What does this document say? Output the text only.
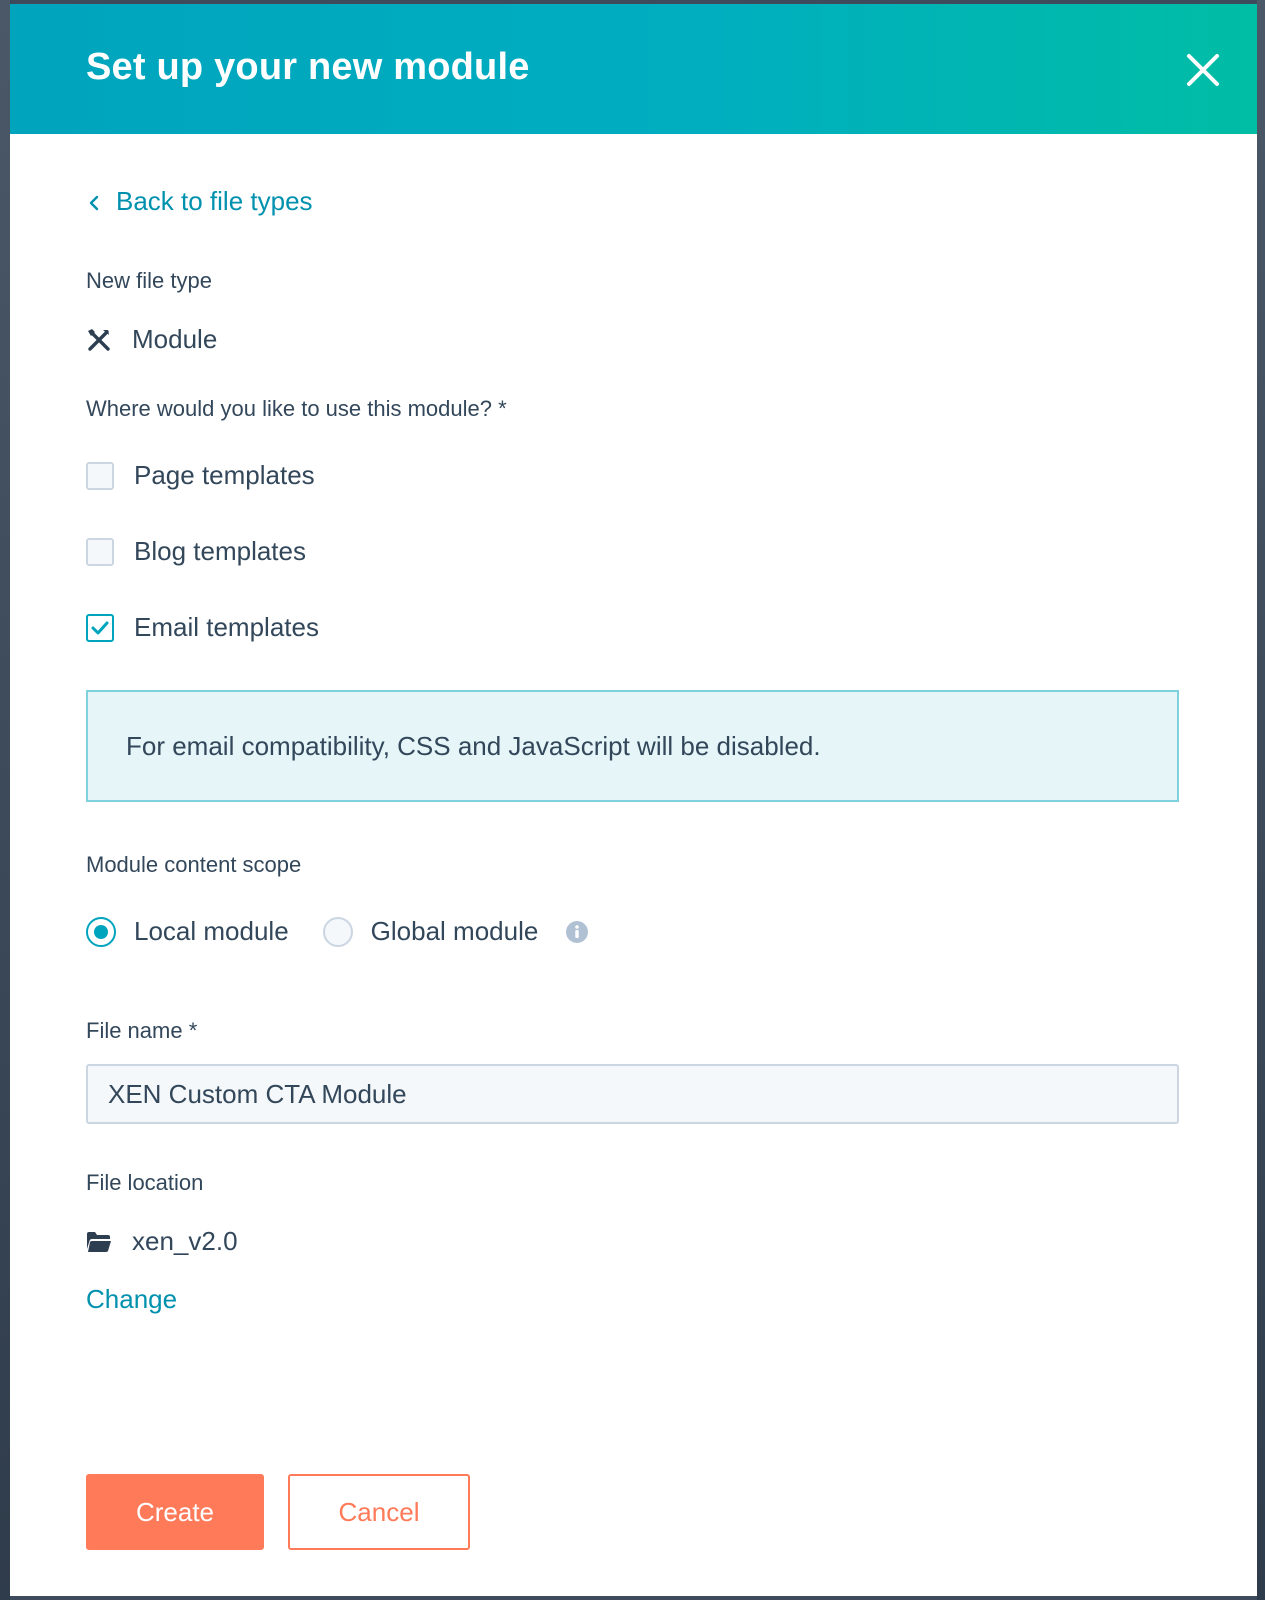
Set up your new module
Back to file types
New file type
Module
Where would you like to use this module? *
Page templates
Blog templates
Email templates
For email compatibility, CSS and JavaScript will be disabled.
Module content scope
Local module	Global module
File name *
XEN Custom CTA Module
File location
xen_v2.0
Change
Create	Cancel
